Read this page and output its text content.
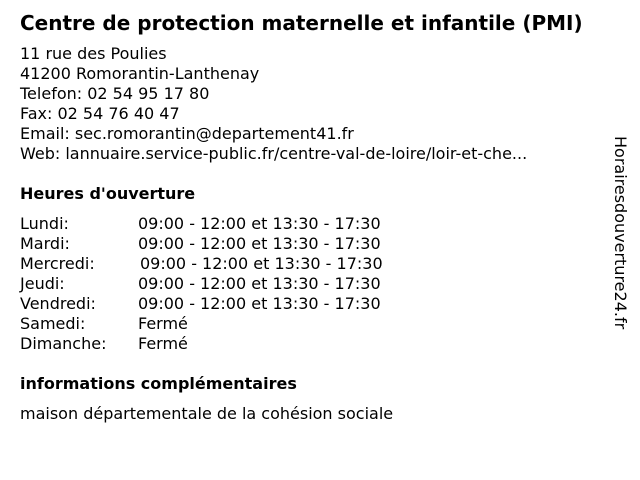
Centre de protection maternelle et infantile (PMI)
11 rue des Poulies
41200 Romorantin-Lanthenay
Telefon: 02 54 95 17 80
Fax: 02 54 76 40 47
Email: sec.romorantin@departement41.fr
Web: lannuaire.service-public.fr/centre-val-de-loire/loir-et-che...
Heures d'ouverture
Lundi:	09:00 - 12:00 et 13:30 - 17:30
Mardi:	09:00 - 12:00 et 13:30 - 17:30
Mercredi:	09:00 - 12:00 et 13:30 - 17:30
Jeudi:	09:00 - 12:00 et 13:30 - 17:30
Vendredi:	09:00 - 12:00 et 13:30 - 17:30
Samedi:	Fermé
Dimanche:	Fermé
informations complémentaires
maison départementale de la cohésion sociale
Horairesdouverture24.fr
